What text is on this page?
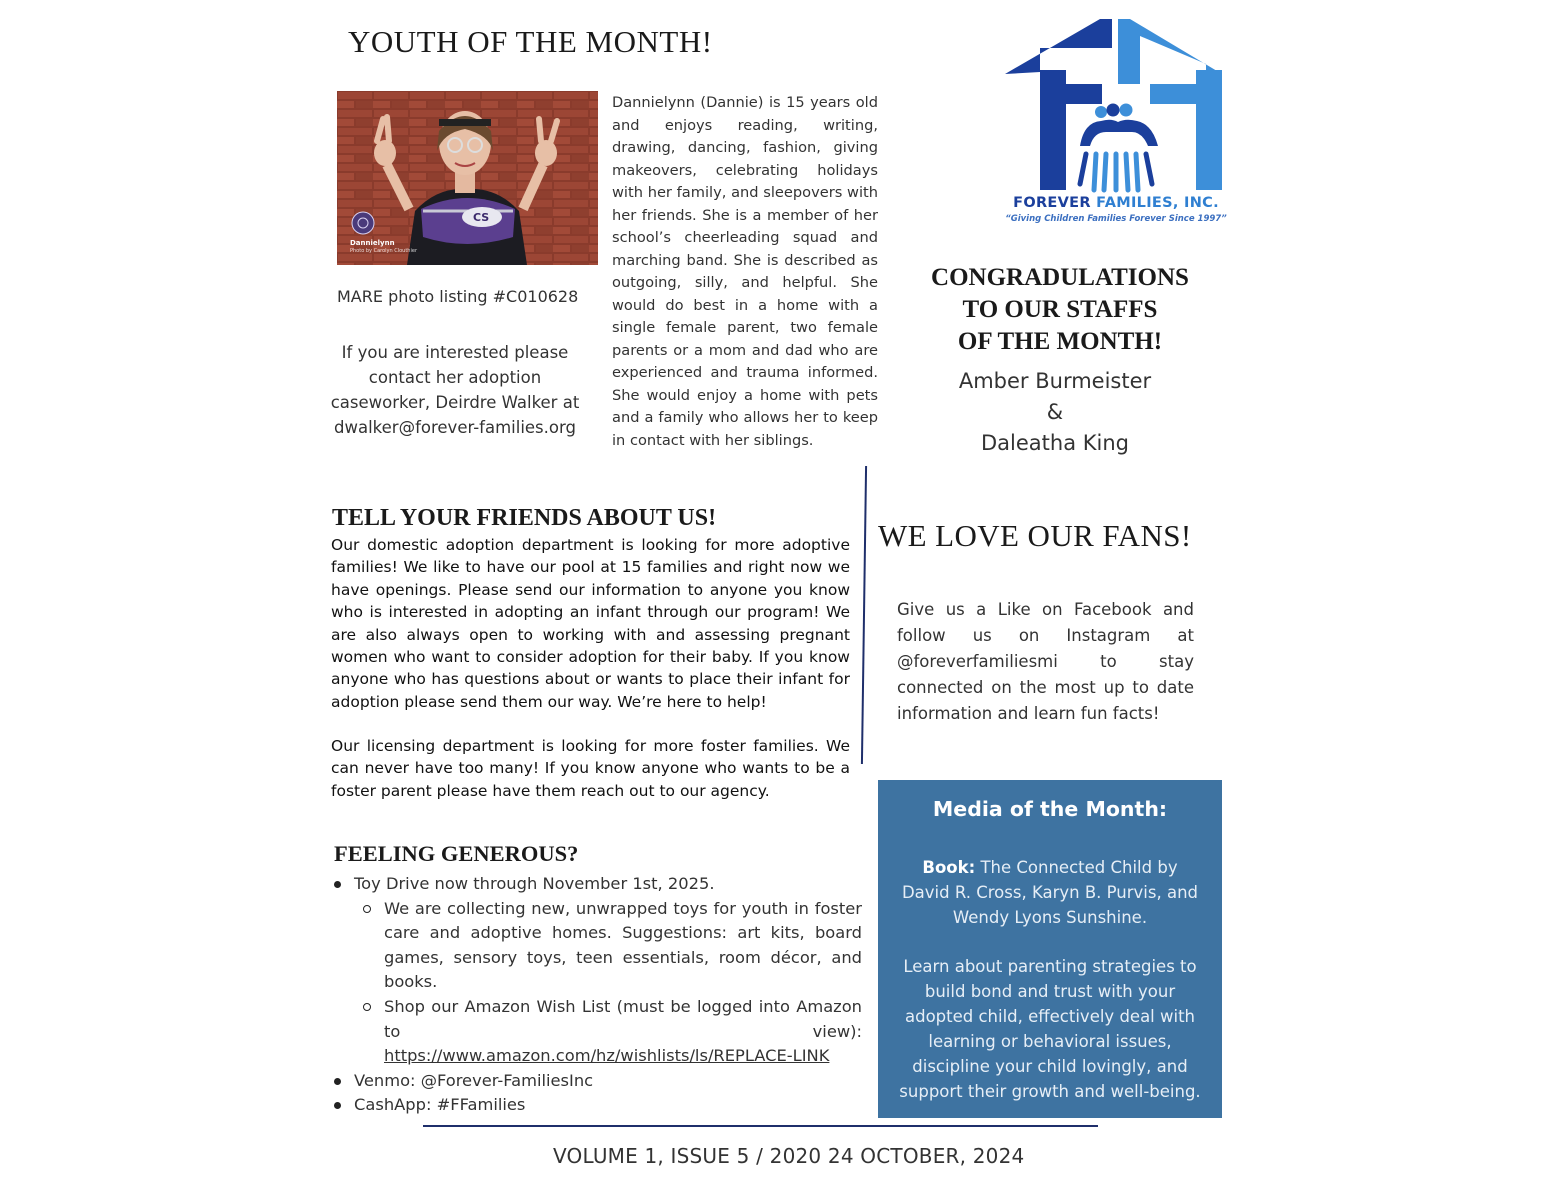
YOUTH OF THE MONTH!
CS
Dannielynn
Photo by Carolyn Clouthier
MARE photo listing #C010628
If you are interested please contact her adoption caseworker, Deirdre Walker at dwalker@forever-families.org
Dannielynn (Dannie) is 15 years old and enjoys reading, writing, drawing, dancing, fashion, giving makeovers, celebrating holidays with her family, and sleepovers with her friends. She is a member of her school’s cheerleading squad and marching band. She is described as outgoing, silly, and helpful. She would do best in a home with a single female parent, two female parents or a mom and dad who are experienced and trauma informed. She would enjoy a home with pets and a family who allows her to keep in contact with her siblings.
FOREVER FAMILIES, INC.
“Giving Children Families Forever Since 1997”
CONGRADULATIONS
TO OUR STAFFS
OF THE MONTH!
Amber Burmeister
&
Daleatha King
TELL YOUR FRIENDS ABOUT US!
Our domestic adoption department is looking for more adoptive families! We like to have our pool at 15 families and right now we have openings. Please send our information to anyone you know who is interested in adopting an infant through our program! We are also always open to working with and assessing pregnant women who want to consider adoption for their baby. If you know anyone who has questions about or wants to place their infant for adoption please send them our way. We’re here to help!
Our licensing department is looking for more foster families. We can never have too many! If you know anyone who wants to be a foster parent please have them reach out to our agency.
WE LOVE OUR FANS!
Give us a Like on Facebook and follow us on Instagram at @foreverfamiliesmi to stay connected on the most up to date information and learn fun facts!
Media of the Month:
Book: The Connected Child by David R. Cross, Karyn B. Purvis, and Wendy Lyons Sunshine.
Learn about parenting strategies to build bond and trust with your adopted child, effectively deal with learning or behavioral issues, discipline your child lovingly, and support their growth and well-being.
FEELING GENEROUS?
Toy Drive now through November 1st, 2025.
We are collecting new, unwrapped toys for youth in foster care and adoptive homes. Suggestions: art kits, board games, sensory toys, teen essentials, room décor, and books.
Shop our Amazon Wish List (must be logged into Amazon to view): https://www.amazon.com/hz/wishlists/ls/REPLACE-LINK
Venmo: @Forever-FamiliesInc
CashApp: #FFamilies
VOLUME 1, ISSUE 5 / 2020 24 OCTOBER, 2024
